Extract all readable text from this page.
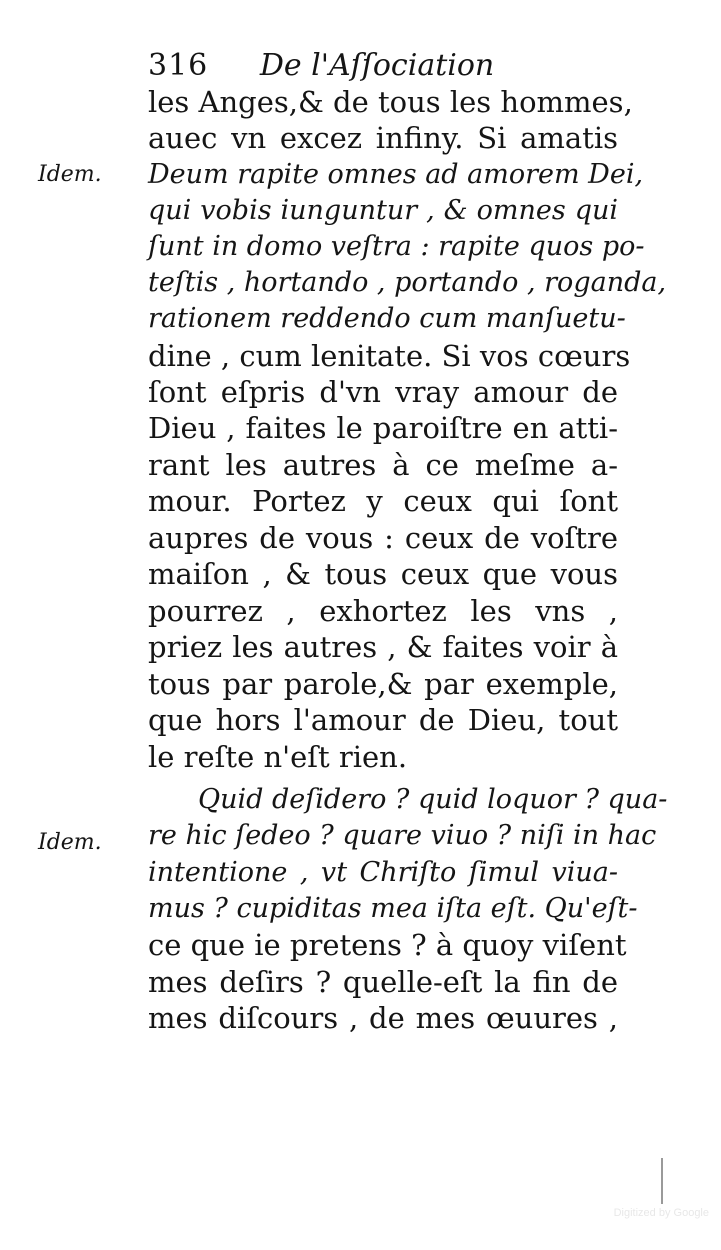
316 De l'Aſſociation
Idem.
Idem.
les Anges,& de tous les hommes,
auec vn excez infiny. Si amatis
Deum rapite omnes ad amorem Dei,
qui vobis iunguntur , & omnes qui
ſunt in domo veſtra : rapite quos po-
teſtis , hortando , portando , roganda,
rationem reddendo cum manſuetu-
dine , cum lenitate. Si vos cœurs
ſont eſpris d'vn vray amour de
Dieu , faites le paroiſtre en atti-
rant les autres à ce meſme a-
mour. Portez y ceux qui ſont
aupres de vous : ceux de voſtre
maiſon , & tous ceux que vous
pourrez , exhortez les vns ,
priez les autres , & faites voir à
tous par parole,& par exemple,
que hors l'amour de Dieu, tout
le reſte n'eſt rien.
Quid deſidero ? quid loquor ? qua-
re hic ſedeo ? quare viuo ? niſi in hac
intentione , vt Chriſto ſimul viua-
mus ? cupiditas mea iſta eſt. Qu'eſt-
ce que ie pretens ? à quoy viſent
mes deſirs ? quelle-eſt la fin de
mes diſcours , de mes œuures ,
Digitized by Google
